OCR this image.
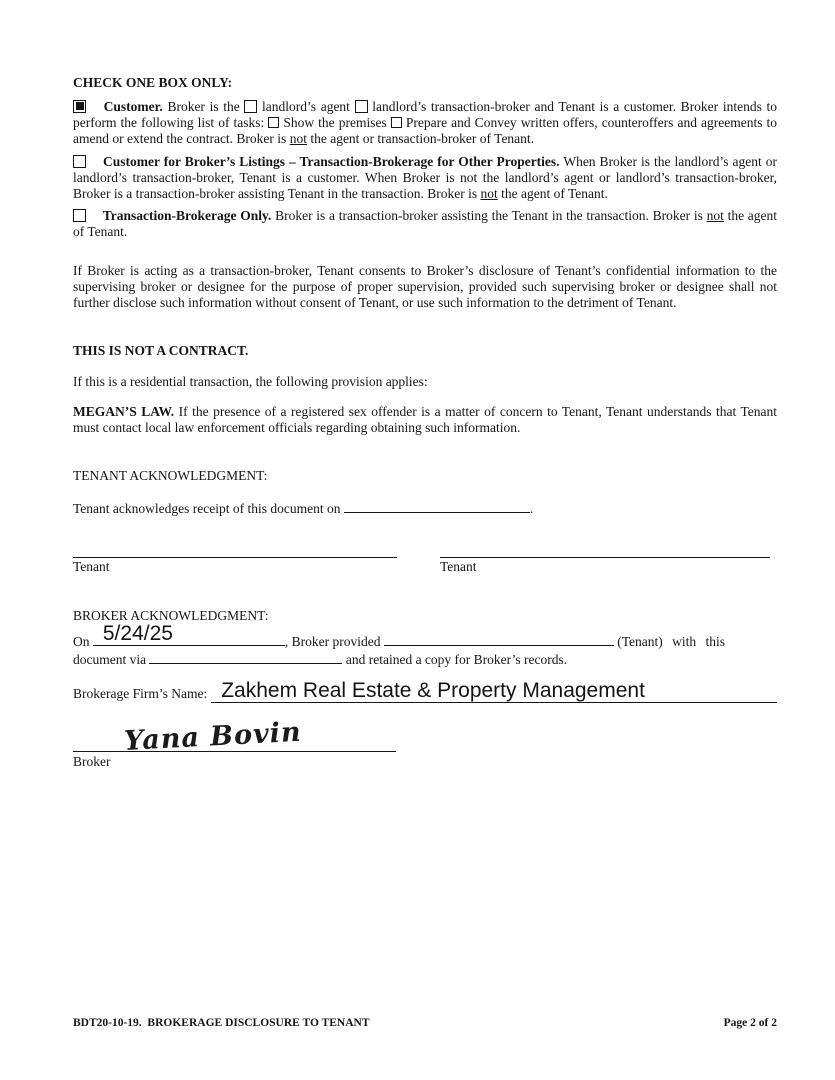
CHECK ONE BOX ONLY:

Customer. Broker is the landlord’s agent landlord’s transaction-broker and Tenant is a customer. Broker intends to perform the following list of tasks: Show the premises Prepare and Convey written offers, counteroffers and agreements to amend or extend the contract. Broker is not the agent or transaction-broker of Tenant.

Customer for Broker’s Listings – Transaction-Brokerage for Other Properties. When Broker is the landlord’s agent or landlord’s transaction-broker, Tenant is a customer. When Broker is not the landlord’s agent or landlord’s transaction-broker, Broker is a transaction-broker assisting Tenant in the transaction. Broker is not the agent of Tenant.

Transaction-Brokerage Only. Broker is a transaction-broker assisting the Tenant in the transaction. Broker is not the agent of Tenant.

If Broker is acting as a transaction-broker, Tenant consents to Broker’s disclosure of Tenant’s confidential information to the supervising broker or designee for the purpose of proper supervision, provided such supervising broker or designee shall not further disclose such information without consent of Tenant, or use such information to the detriment of Tenant.

THIS IS NOT A CONTRACT.

If this is a residential transaction, the following provision applies:

MEGAN’S LAW. If the presence of a registered sex offender is a matter of concern to Tenant, Tenant understands that Tenant must contact local law enforcement officials regarding obtaining such information.

TENANT ACKNOWLEDGMENT:

Tenant acknowledges receipt of this document on	.

Tenant	Tenant

BROKER ACKNOWLEDGMENT:

On 5/24/25	, Broker provided	(Tenant) with this
document via	and retained a copy for Broker’s records.
Brokerage Firm’s Name: Zakhem Real Estate & Property Management
Yana Bovin
Broker
BDT20-10-19.  BROKERAGE DISCLOSURE TO TENANT	Page 2 of 2
